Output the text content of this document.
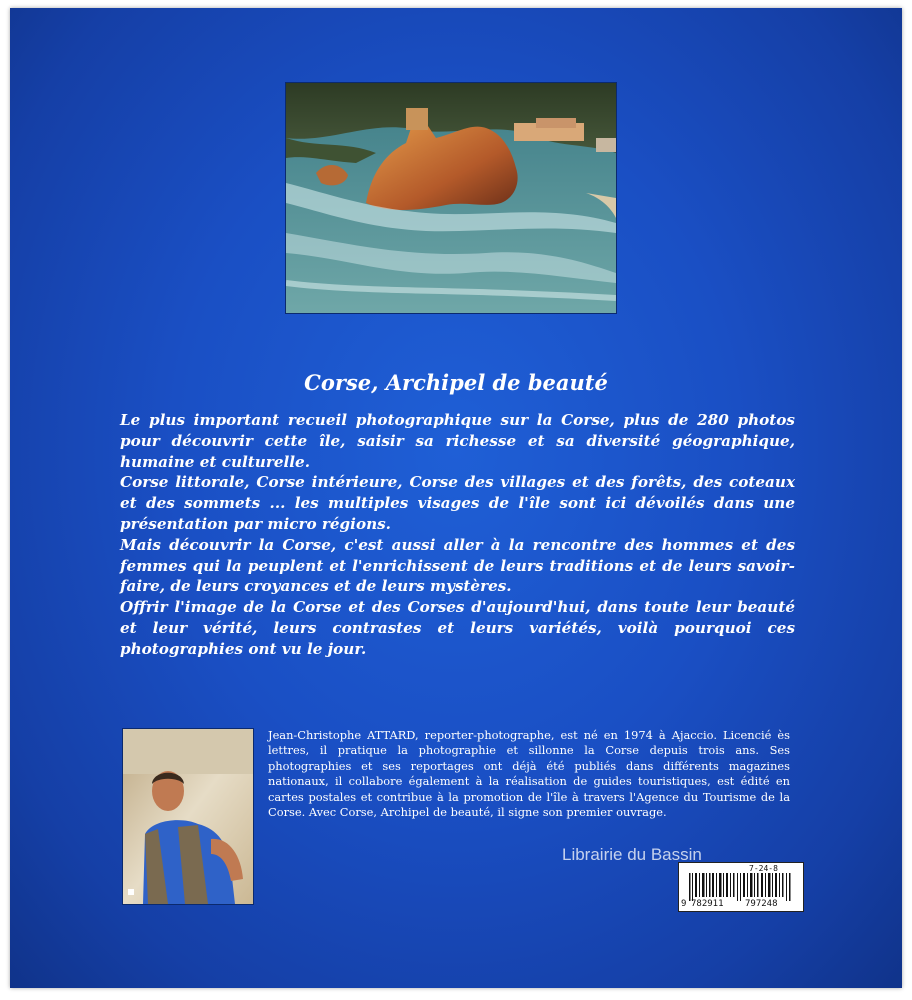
Corse, Archipel de beauté

Le plus important recueil photographique sur la Corse, plus de 280 photos pour découvrir cette île, saisir sa richesse et sa diversité géographique, humaine et culturelle.

Corse littorale, Corse intérieure, Corse des villages et des forêts, des coteaux et des sommets ... les multiples visages de l'île sont ici dévoilés dans une présentation par micro régions.

Mais découvrir la Corse, c'est aussi aller à la rencontre des hommes et des femmes qui la peuplent et l'enrichissent de leurs traditions et de leurs savoir-faire, de leurs croyances et de leurs mystères.

Offrir l'image de la Corse et des Corses d'aujourd'hui, dans toute leur beauté et leur vérité, leurs contrastes et leurs variétés, voilà pourquoi ces photographies ont vu le jour.

Jean-Christophe ATTARD, reporter-photographe, est né en 1974 à Ajaccio. Licencié ès lettres, il pratique la photographie et sillonne la Corse depuis trois ans. Ses photographies et ses reportages ont déjà été publiés dans différents magazines nationaux, il collabore également à la réalisation de guides touristiques, est édité en cartes postales et contribue à la promotion de l'île à travers l'Agence du Tourisme de la Corse. Avec Corse, Archipel de beauté, il signe son premier ouvrage.
7-24-8
9 782911 797248
Librairie du Bassin
